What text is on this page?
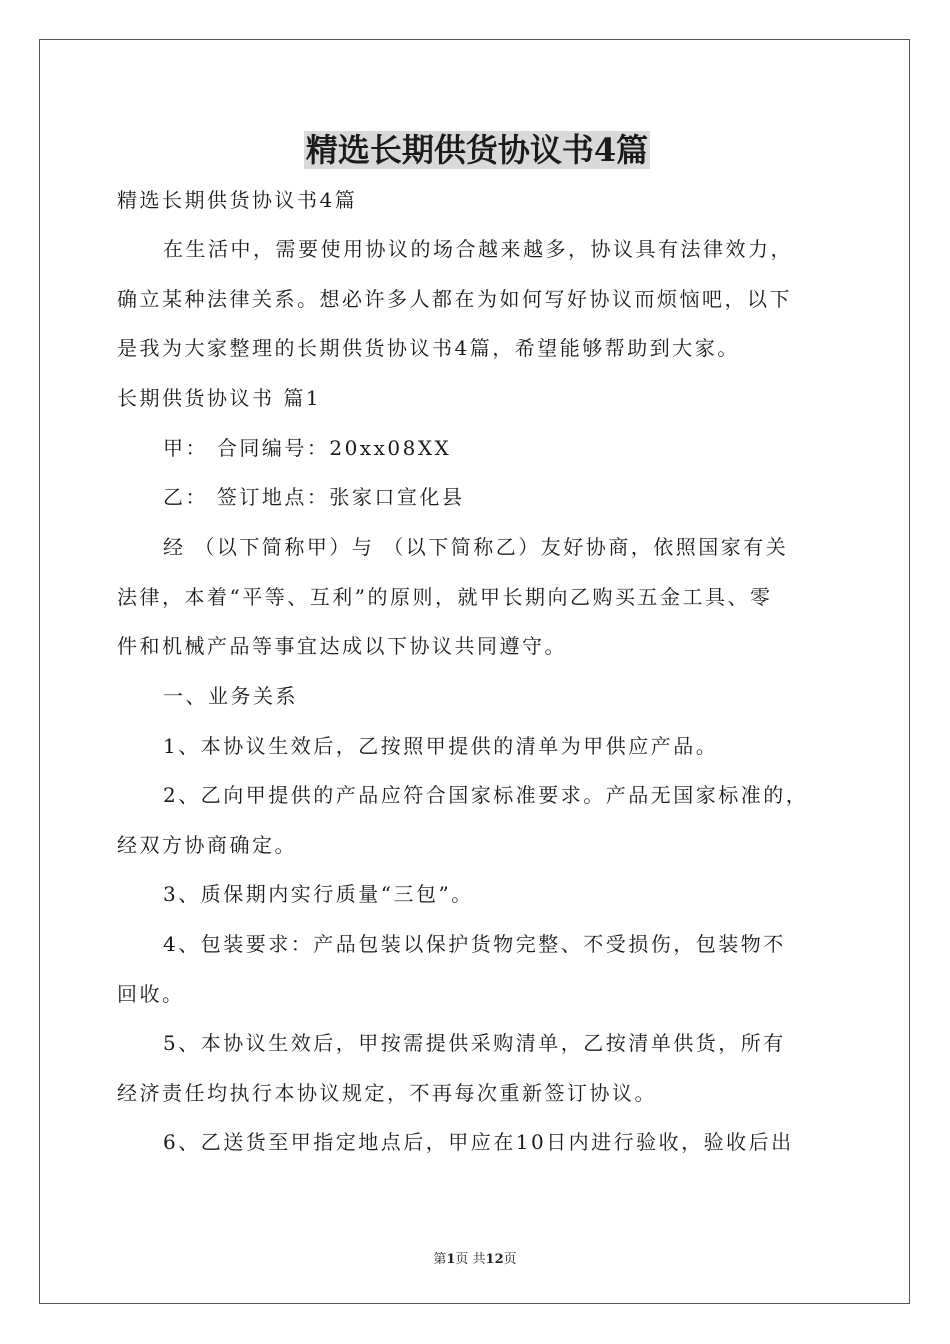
精选长期供货协议书4篇
精选长期供货协议书4篇
在生活中，需要使用协议的场合越来越多，协议具有法律效力，
确立某种法律关系。想必许多人都在为如何写好协议而烦恼吧，以下
是我为大家整理的长期供货协议书4篇，希望能够帮助到大家。
长期供货协议书 篇1
甲： 合同编号：20xx08XX
乙： 签订地点：张家口宣化县
经 （以下简称甲）与 （以下简称乙）友好协商，依照国家有关
法律，本着“平等、互利”的原则，就甲长期向乙购买五金工具、零
件和机械产品等事宜达成以下协议共同遵守。
一、业务关系
1、本协议生效后，乙按照甲提供的清单为甲供应产品。
2、乙向甲提供的产品应符合国家标准要求。产品无国家标准的，
经双方协商确定。
3、质保期内实行质量“三包”。
4、包装要求：产品包装以保护货物完整、不受损伤，包装物不
回收。
5、本协议生效后，甲按需提供采购清单，乙按清单供货，所有
经济责任均执行本协议规定，不再每次重新签订协议。
6、乙送货至甲指定地点后，甲应在10日内进行验收，验收后出
第1页 共12页
